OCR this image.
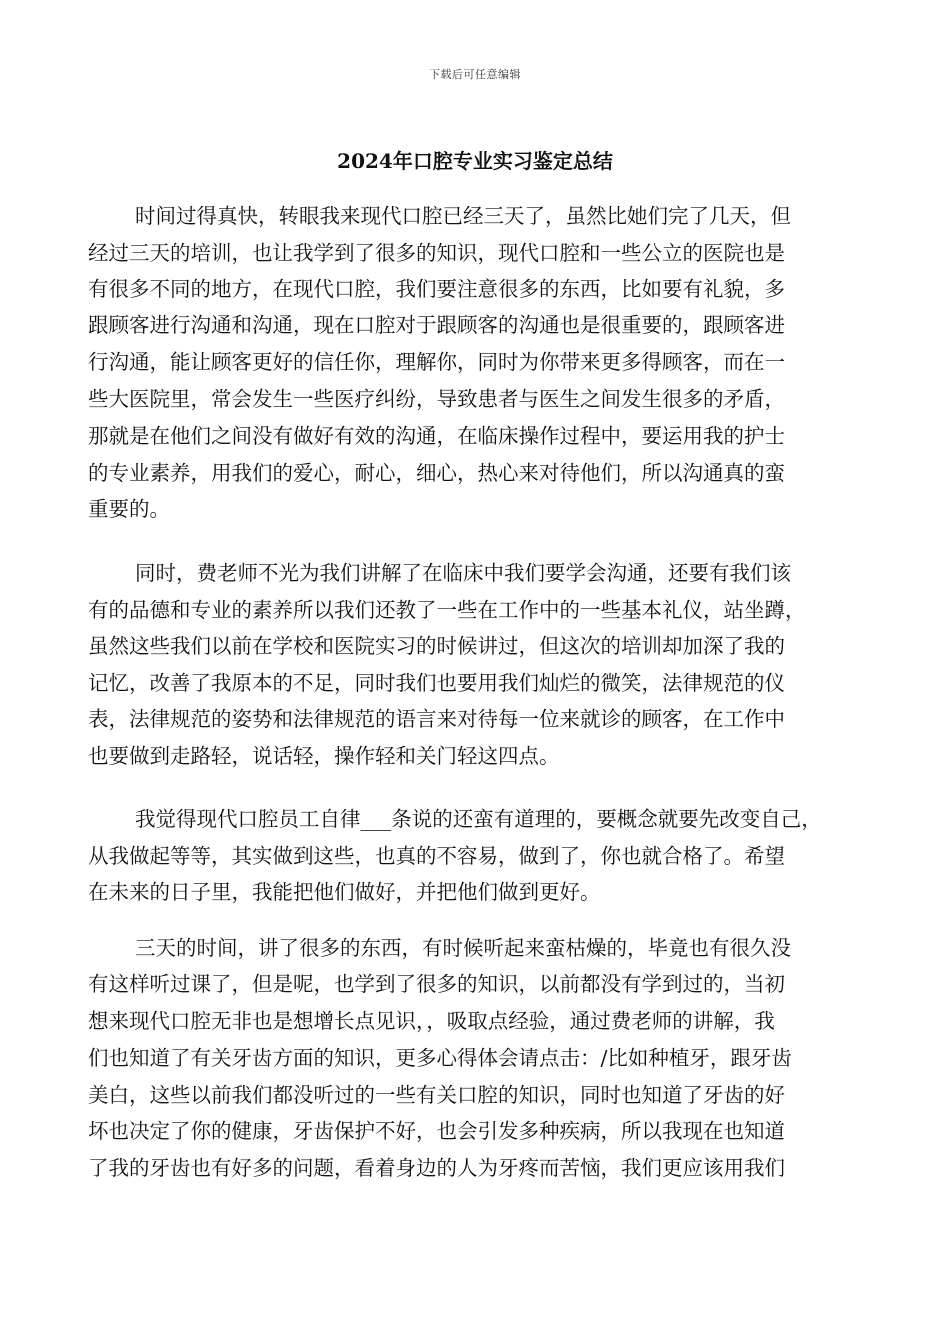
下载后可任意编辑
2024年口腔专业实习鉴定总结
时间过得真快，转眼我来现代口腔已经三天了，虽然比她们完了几天，但
经过三天的培训，也让我学到了很多的知识，现代口腔和一些公立的医院也是
有很多不同的地方，在现代口腔，我们要注意很多的东西，比如要有礼貌，多
跟顾客进行沟通和沟通，现在口腔对于跟顾客的沟通也是很重要的，跟顾客进
行沟通，能让顾客更好的信任你，理解你，同时为你带来更多得顾客，而在一
些大医院里，常会发生一些医疗纠纷，导致患者与医生之间发生很多的矛盾，
那就是在他们之间没有做好有效的沟通，在临床操作过程中，要运用我的护士
的专业素养，用我们的爱心，耐心，细心，热心来对待他们，所以沟通真的蛮
重要的。
同时，费老师不光为我们讲解了在临床中我们要学会沟通，还要有我们该
有的品德和专业的素养所以我们还教了一些在工作中的一些基本礼仪，站坐蹲，
虽然这些我们以前在学校和医院实习的时候讲过，但这次的培训却加深了我的
记忆，改善了我原本的不足，同时我们也要用我们灿烂的微笑，法律规范的仪
表，法律规范的姿势和法律规范的语言来对待每一位来就诊的顾客，在工作中
也要做到走路轻，说话轻，操作轻和关门轻这四点。
我觉得现代口腔员工自律___条说的还蛮有道理的，要概念就要先改变自己，
从我做起等等，其实做到这些，也真的不容易，做到了，你也就合格了。希望
在未来的日子里，我能把他们做好，并把他们做到更好。
三天的时间，讲了很多的东西，有时候听起来蛮枯燥的，毕竟也有很久没
有这样听过课了，但是呢，也学到了很多的知识，以前都没有学到过的，当初
想来现代口腔无非也是想增长点见识，，吸取点经验，通过费老师的讲解，我
们也知道了有关牙齿方面的知识，更多心得体会请点击：/比如种植牙，跟牙齿
美白，这些以前我们都没听过的一些有关口腔的知识，同时也知道了牙齿的好
坏也决定了你的健康，牙齿保护不好，也会引发多种疾病，所以我现在也知道
了我的牙齿也有好多的问题，看着身边的人为牙疼而苦恼，我们更应该用我们
